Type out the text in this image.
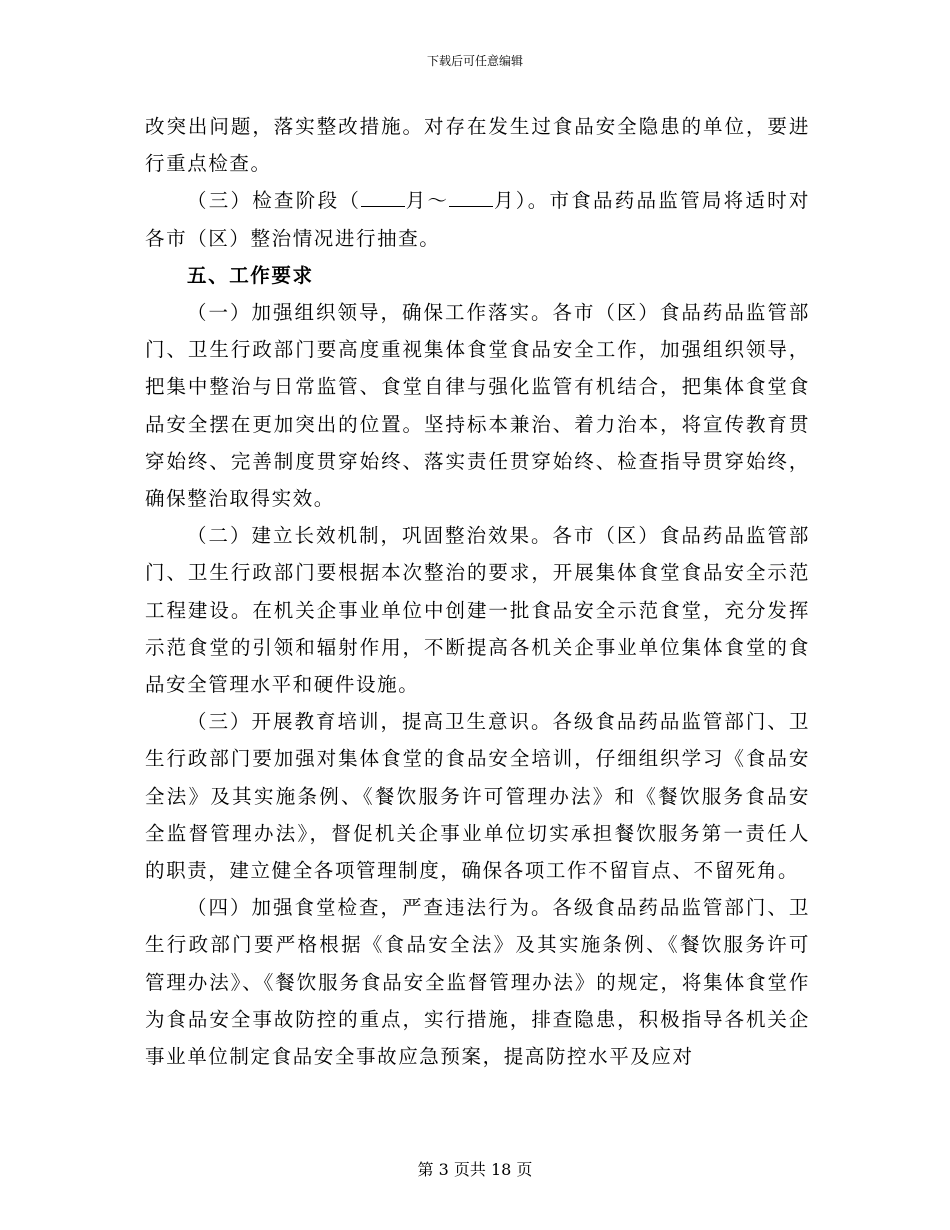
下载后可任意编辑

改突出问题，落实整改措施。对存在发生过食品安全隐患的单位，要进行重点检查。

（三）检查阶段（ 月～ 月）。市食品药品监管局将适时对各市（区）整治情况进行抽查。

五、工作要求

（一）加强组织领导，确保工作落实。各市（区）食品药品监管部门、卫生行政部门要高度重视集体食堂食品安全工作，加强组织领导，把集中整治与日常监管、食堂自律与强化监管有机结合，把集体食堂食品安全摆在更加突出的位置。坚持标本兼治、着力治本，将宣传教育贯穿始终、完善制度贯穿始终、落实责任贯穿始终、检查指导贯穿始终，确保整治取得实效。

（二）建立长效机制，巩固整治效果。各市（区）食品药品监管部门、卫生行政部门要根据本次整治的要求，开展集体食堂食品安全示范工程建设。在机关企事业单位中创建一批食品安全示范食堂，充分发挥示范食堂的引领和辐射作用，不断提高各机关企事业单位集体食堂的食品安全管理水平和硬件设施。

（三）开展教育培训，提高卫生意识。各级食品药品监管部门、卫生行政部门要加强对集体食堂的食品安全培训，仔细组织学习《食品安全法》及其实施条例、《餐饮服务许可管理办法》和《餐饮服务食品安全监督管理办法》，督促机关企事业单位切实承担餐饮服务第一责任人的职责，建立健全各项管理制度，确保各项工作不留盲点、不留死角。

（四）加强食堂检查，严查违法行为。各级食品药品监管部门、卫生行政部门要严格根据《食品安全法》及其实施条例、《餐饮服务许可管理办法》、《餐饮服务食品安全监督管理办法》的规定，将集体食堂作为食品安全事故防控的重点，实行措施，排查隐患，积极指导各机关企事业单位制定食品安全事故应急预案，提高防控水平及应对

第 3 页共 18 页
